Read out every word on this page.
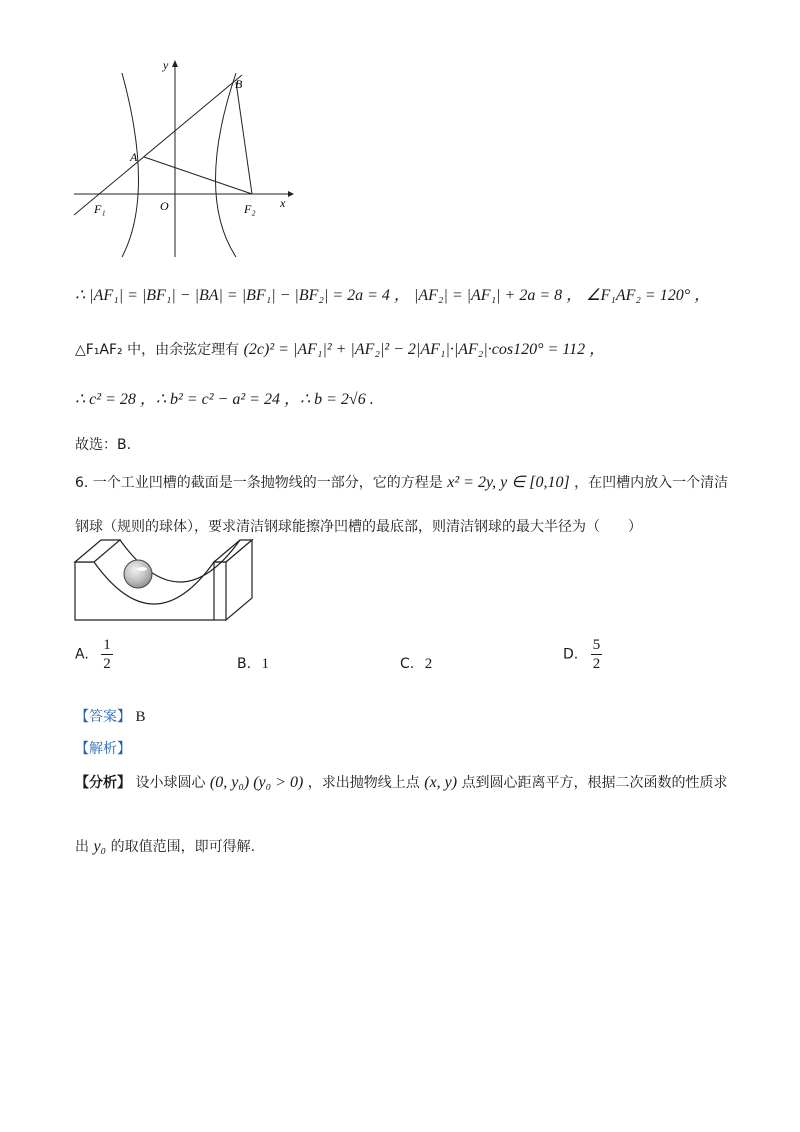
y
x
B
A
F₁	O	F₂
∴ |AF₁| = |BF₁| − |BA| = |BF₁| − |BF₂| = 2a = 4 ， |AF₂| = |AF₁| + 2a = 8 ， ∠F₁AF₂ = 120° ，
△F₁AF₂ 中，由余弦定理有 (2c)² = |AF₁|² + |AF₂|² − 2|AF₁|·|AF₂|·cos120° = 112 ，
∴ c² = 28 ，∴ b² = c² − a² = 24 ，∴ b = 2√6 .
故选：B.
6. 一个工业凹槽的截面是一条抛物线的一部分，它的方程是 x² = 2y, y ∈ [0,10] ，在凹槽内放入一个清洁
钢球（规则的球体），要求清洁钢球能擦净凹槽的最底部，则清洁钢球的最大半径为（　　）
A. $\frac{1}{2}$	B. 1	C. 2
D. $\frac{5}{2}$
【答案】 B
【解析】
【分析】 设小球圆心 (0, y₀) (y₀ > 0) ，求出抛物线上点 (x, y) 点到圆心距离平方，根据二次函数的性质求
出 y₀ 的取值范围，即可得解.
